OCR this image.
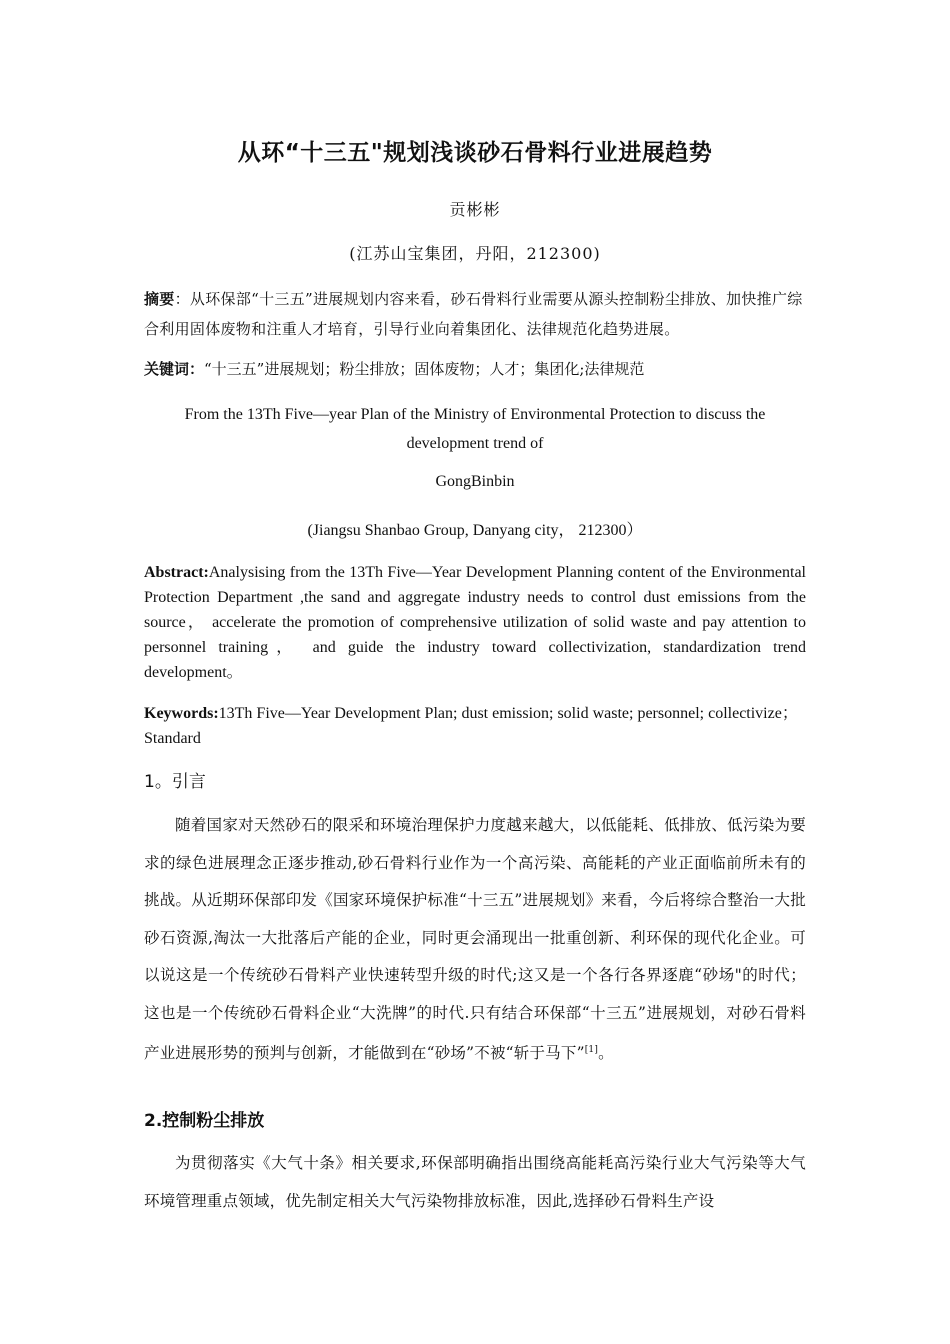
从环“十三五"规划浅谈砂石骨料行业进展趋势
贡彬彬
(江苏山宝集团，丹阳，212300)
摘要：从环保部“十三五”进展规划内容来看，砂石骨料行业需要从源头控制粉尘排放、加快推广综合利用固体废物和注重人才培育，引导行业向着集团化、法律规范化趋势进展。
关键词：“十三五”进展规划；粉尘排放；固体废物；人才；集团化;法律规范
From the 13Th Five—year Plan of the Ministry of Environmental Protection to discuss the development trend of
GongBinbin
(Jiangsu Shanbao Group, Danyang city， 212300）
Abstract:Analysising from the 13Th Five—Year Development Planning content of the Environmental Protection Department ,the sand and aggregate industry needs to control dust emissions from the source， accelerate the promotion of comprehensive utilization of solid waste and pay attention to personnel training， and guide the industry toward collectivization, standardization trend development。
Keywords:13Th Five—Year Development Plan; dust emission; solid waste; personnel; collectivize； Standard
1。引言
随着国家对天然砂石的限采和环境治理保护力度越来越大，以低能耗、低排放、低污染为要求的绿色进展理念正逐步推动,砂石骨料行业作为一个高污染、高能耗的产业正面临前所未有的挑战。从近期环保部印发《国家环境保护标准“十三五”进展规划》来看，今后将综合整治一大批砂石资源,淘汰一大批落后产能的企业，同时更会涌现出一批重创新、利环保的现代化企业。可以说这是一个传统砂石骨料产业快速转型升级的时代;这又是一个各行各界逐鹿“砂场"的时代；这也是一个传统砂石骨料企业“大洗牌”的时代.只有结合环保部“十三五”进展规划，对砂石骨料产业进展形势的预判与创新，才能做到在“砂场”不被“斩于马下”[1]。
2.控制粉尘排放
为贯彻落实《大气十条》相关要求,环保部明确指出围绕高能耗高污染行业大气污染等大气环境管理重点领域，优先制定相关大气污染物排放标准，因此,选择砂石骨料生产设
